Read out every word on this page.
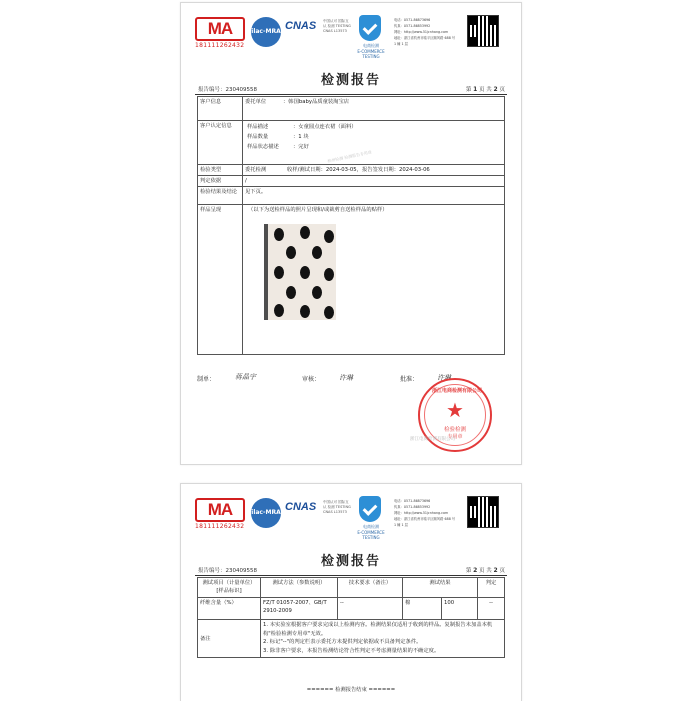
MA
181111262432
ilac-MRA CNAS 中国认可 国际互认 检测 TESTING CNAS L13573
电商检测
E-COMMERCE TESTING
电话：0571-86873696
传真：0571-86853992
网址：http://www.51jcnhang.com
地址：浙江省杭州市临平区顺风路 688 号
1 幢 1 层
检测报告
报告编号：230409558	第 1 页 共 2 页
客户信息	委托单位	：韩国baby品质童装淘宝店
客户认定信息		样品描述	：女童圆点连衣裙（面料）
样品数量	：1 块
样品状态描述	：完好

检验类型	委托检测	收样/测试日期：2024-03-05，报告签发日期：2024-03-06
判定依据	/
检验结果及结论	见下页。
样品呈现	（以下为送检样品的照片呈现和/或裁剪自送检样品的贴样）
杭州检测 检测报告专用章
制单：	蒋晶宇	审核：	许琳	批准：	许琳
浙江电商检测有限公司
★
检验检测
专用章
浙江电商检测有限公司
MA
181111262432
ilac-MRA CNAS 中国认可 国际互认 检测 TESTING CNAS L13573
电商检测
E-COMMERCE TESTING
电话：0571-86873696
传真：0571-86853992
网址：http://www.51jcnhang.com
地址：浙江省杭州市临平区顺风路 688 号
1 幢 1 层
检测报告
报告编号：230409558	第 2 页 共 2 页
测试项目（计量单位）[样品标识]	测试方法（参数说明）	技术要求（备注）	测试结果		判定
纤维含量（%）	FZ/T 01057-2007、GB/T 2910-2009	--	棉	100	--
备注	1. 本实验室根据客户要求完成以上检测内容。检测结果仅适用于收到的样品。复制报告未加盖本机构"检验检测专用章"无效。
2. 标记"--"的判定栏表示委托方未提供判定依据或不具备判定条件。
3. 除非客户要求，本报告检测结论符合性判定不考虑测量结果的不确定度。				
====== 检测报告结束 ======
